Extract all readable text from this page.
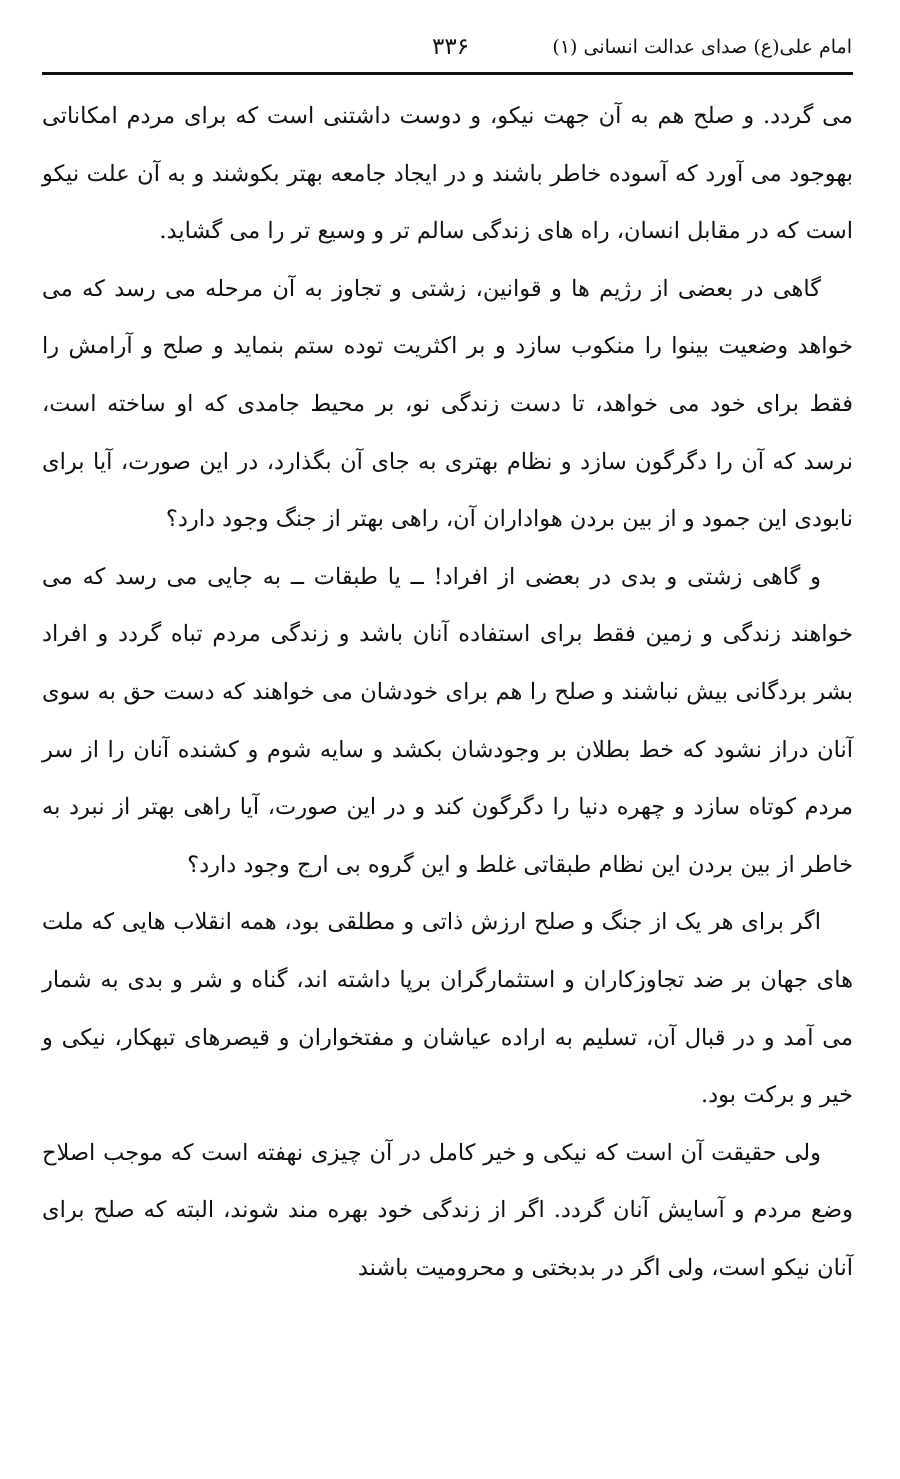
امام علی(ع) صدای عدالت انسانی (۱)
۳۳۶

می گردد. و صلح هم به آن جهت نیکو، و دوست داشتنی است که برای مردم امکاناتی بهوجود می آورد که آسوده خاطر باشند و در ایجاد جامعه بهتر بکوشند و به آن علت نیکو است که در مقابل انسان، راه های زندگی سالم تر و وسیع تر را می گشاید.

گاهی در بعضی از رژیم ها و قوانین، زشتی و تجاوز به آن مرحله می رسد که می خواهد وضعیت بینوا را منکوب سازد و بر اکثریت توده ستم بنماید و صلح و آرامش را فقط برای خود می خواهد، تا دست زندگی نو، بر محیط جامدی که او ساخته است، نرسد که آن را دگرگون سازد و نظام بهتری به جای آن بگذارد، در این صورت، آیا برای نابودی این جمود و از بین بردن هواداران آن، راهی بهتر از جنگ وجود دارد؟

و گاهی زشتی و بدی در بعضی از افراد! ــ یا طبقات ــ به جایی می رسد که می خواهند زندگی و زمین فقط برای استفاده آنان باشد و زندگی مردم تباه گردد و افراد بشر بردگانی بیش نباشند و صلح را هم برای خودشان می خواهند که دست حق به سوی آنان دراز نشود که خط بطلان بر وجودشان بکشد و سایه شوم و کشنده آنان را از سر مردم کوتاه سازد و چهره دنیا را دگرگون کند و در این صورت، آیا راهی بهتر از نبرد به خاطر از بین بردن این نظام طبقاتی غلط و این گروه بی ارج وجود دارد؟

اگر برای هر یک از جنگ و صلح ارزش ذاتی و مطلقی بود، همه انقلاب هایی که ملت های جهان بر ضد تجاوزکاران و استثمارگران برپا داشته اند، گناه و شر و بدی به شمار می آمد و در قبال آن، تسلیم به اراده عیاشان و مفتخواران و قیصرهای تبهکار، نیکی و خیر و برکت بود.

ولی حقیقت آن است که نیکی و خیر کامل در آن چیزی نهفته است که موجب اصلاح وضع مردم و آسایش آنان گردد. اگر از زندگی خود بهره مند شوند، البته که صلح برای آنان نیکو است، ولی اگر در بدبختی و محرومیت باشند
